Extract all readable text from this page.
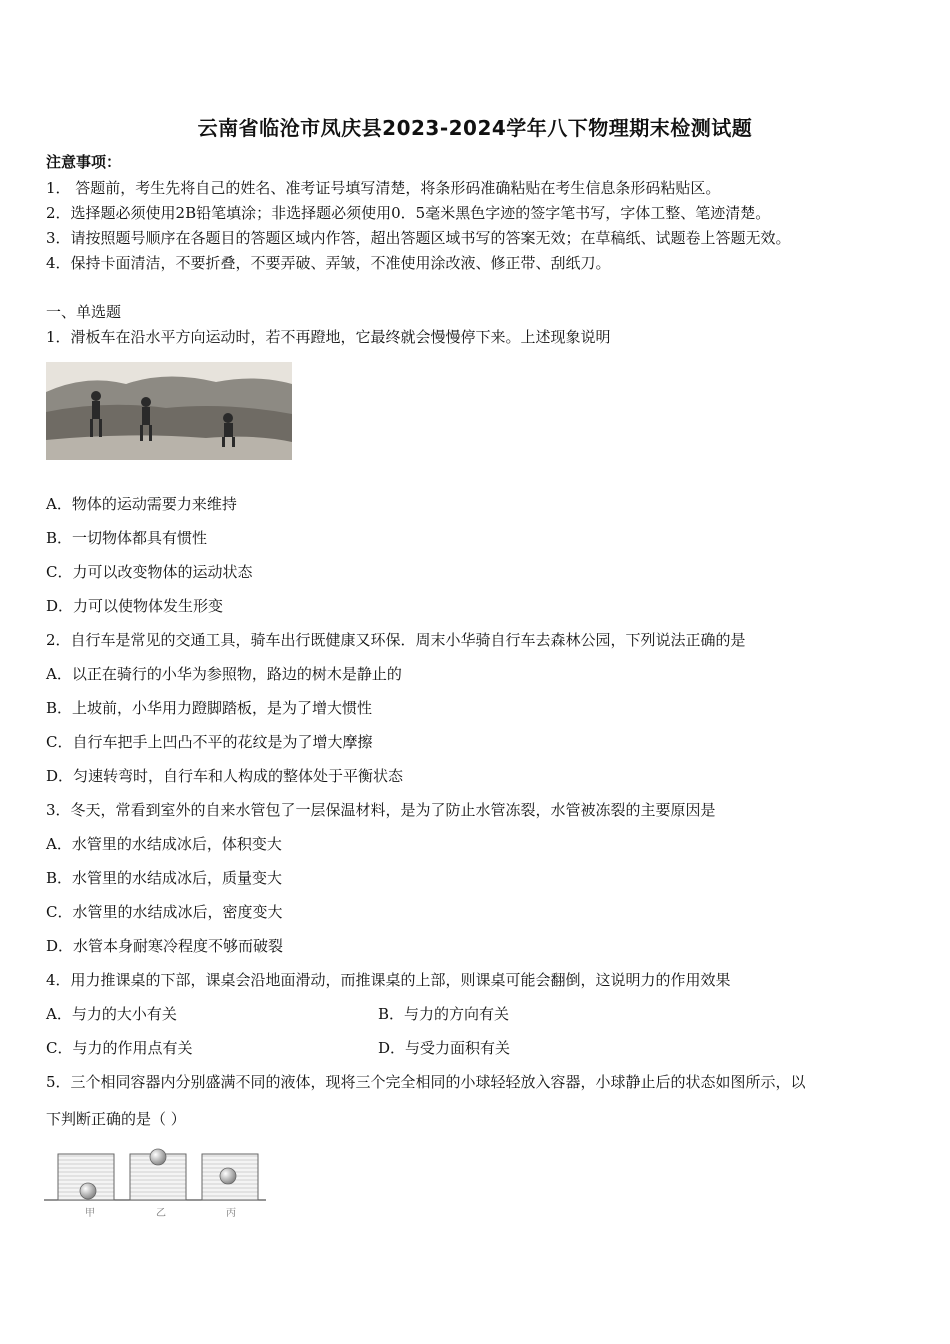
云南省临沧市凤庆县2023-2024学年八下物理期末检测试题
注意事项：
1． 答题前，考生先将自己的姓名、准考证号填写清楚，将条形码准确粘贴在考生信息条形码粘贴区。
2．选择题必须使用2B铅笔填涂；非选择题必须使用0．5毫米黑色字迹的签字笔书写，字体工整、笔迹清楚。
3．请按照题号顺序在各题目的答题区域内作答，超出答题区域书写的答案无效；在草稿纸、试题卷上答题无效。
4．保持卡面清洁，不要折叠，不要弄破、弄皱，不准使用涂改液、修正带、刮纸刀。
一、单选题
1．滑板车在沿水平方向运动时，若不再蹬地，它最终就会慢慢停下来。上述现象说明
A．物体的运动需要力来维持
B．一切物体都具有惯性
C．力可以改变物体的运动状态
D．力可以使物体发生形变
2．自行车是常见的交通工具，骑车出行既健康又环保．周末小华骑自行车去森林公园，下列说法正确的是
A．以正在骑行的小华为参照物，路边的树木是静止的
B．上坡前，小华用力蹬脚踏板，是为了增大惯性
C．自行车把手上凹凸不平的花纹是为了增大摩擦
D．匀速转弯时，自行车和人构成的整体处于平衡状态
3．冬天，常看到室外的自来水管包了一层保温材料，是为了防止水管冻裂，水管被冻裂的主要原因是
A．水管里的水结成冰后，体积变大
B．水管里的水结成冰后，质量变大
C．水管里的水结成冰后，密度变大
D．水管本身耐寒冷程度不够而破裂
4．用力推课桌的下部，课桌会沿地面滑动，而推课桌的上部，则课桌可能会翻倒，这说明力的作用效果
A．与力的大小有关	B．与力的方向有关
C．与力的作用点有关	D．与受力面积有关
5．三个相同容器内分别盛满不同的液体，现将三个完全相同的小球轻轻放入容器，小球静止后的状态如图所示，以
下判断正确的是（ ）
甲	乙	丙
